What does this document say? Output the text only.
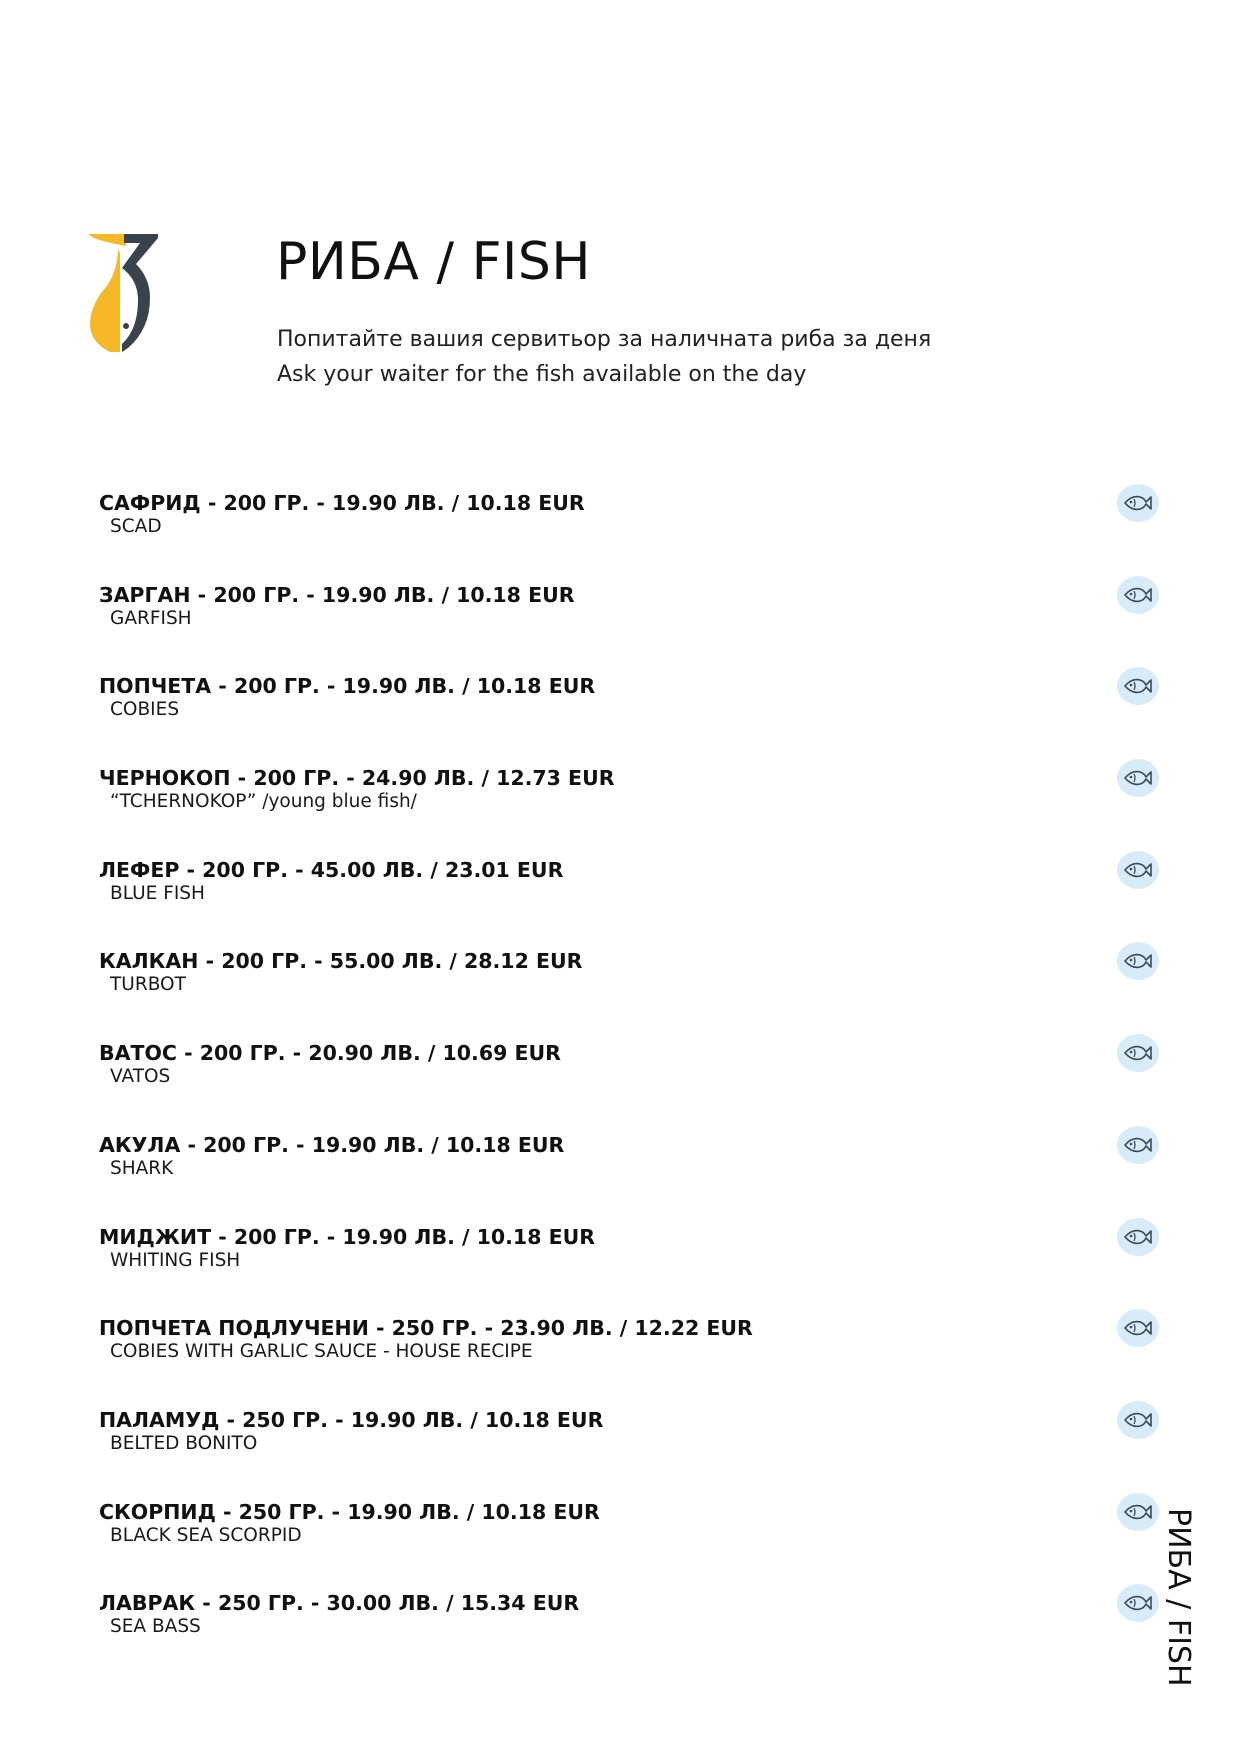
РИБА / FISH
Попитайте вашия сервитьор за наличната риба за деня
Ask your waiter for the fish available on the day
САФРИД - 200 ГР. - 19.90 ЛВ. / 10.18 EUR
SCAD
ЗАРГАН - 200 ГР. - 19.90 ЛВ. / 10.18 EUR
GARFISH
ПОПЧЕТА - 200 ГР. - 19.90 ЛВ. / 10.18 EUR
COBIES
ЧЕРНОКОП - 200 ГР. - 24.90 ЛВ. / 12.73 EUR
“TCHERNOKOP” /young blue fish/
ЛЕФЕР - 200 ГР. - 45.00 ЛВ. / 23.01 EUR
BLUE FISH
КАЛКАН - 200 ГР. - 55.00 ЛВ. / 28.12 EUR
TURBOT
ВАТОС - 200 ГР. - 20.90 ЛВ. / 10.69 EUR
VATOS
АКУЛА - 200 ГР. - 19.90 ЛВ. / 10.18 EUR
SHARK
МИДЖИТ - 200 ГР. - 19.90 ЛВ. / 10.18 EUR
WHITING FISH
ПОПЧЕТА ПОДЛУЧЕНИ - 250 ГР. - 23.90 ЛВ. / 12.22 EUR
COBIES WITH GARLIC SAUCE - HOUSE RECIPE
ПАЛАМУД - 250 ГР. - 19.90 ЛВ. / 10.18 EUR
BELTED BONITO
СКОРПИД - 250 ГР. - 19.90 ЛВ. / 10.18 EUR
BLACK SEA SCORPID
ЛАВРАК - 250 ГР. - 30.00 ЛВ. / 15.34 EUR
SEA BASS	РИБА / FISH
